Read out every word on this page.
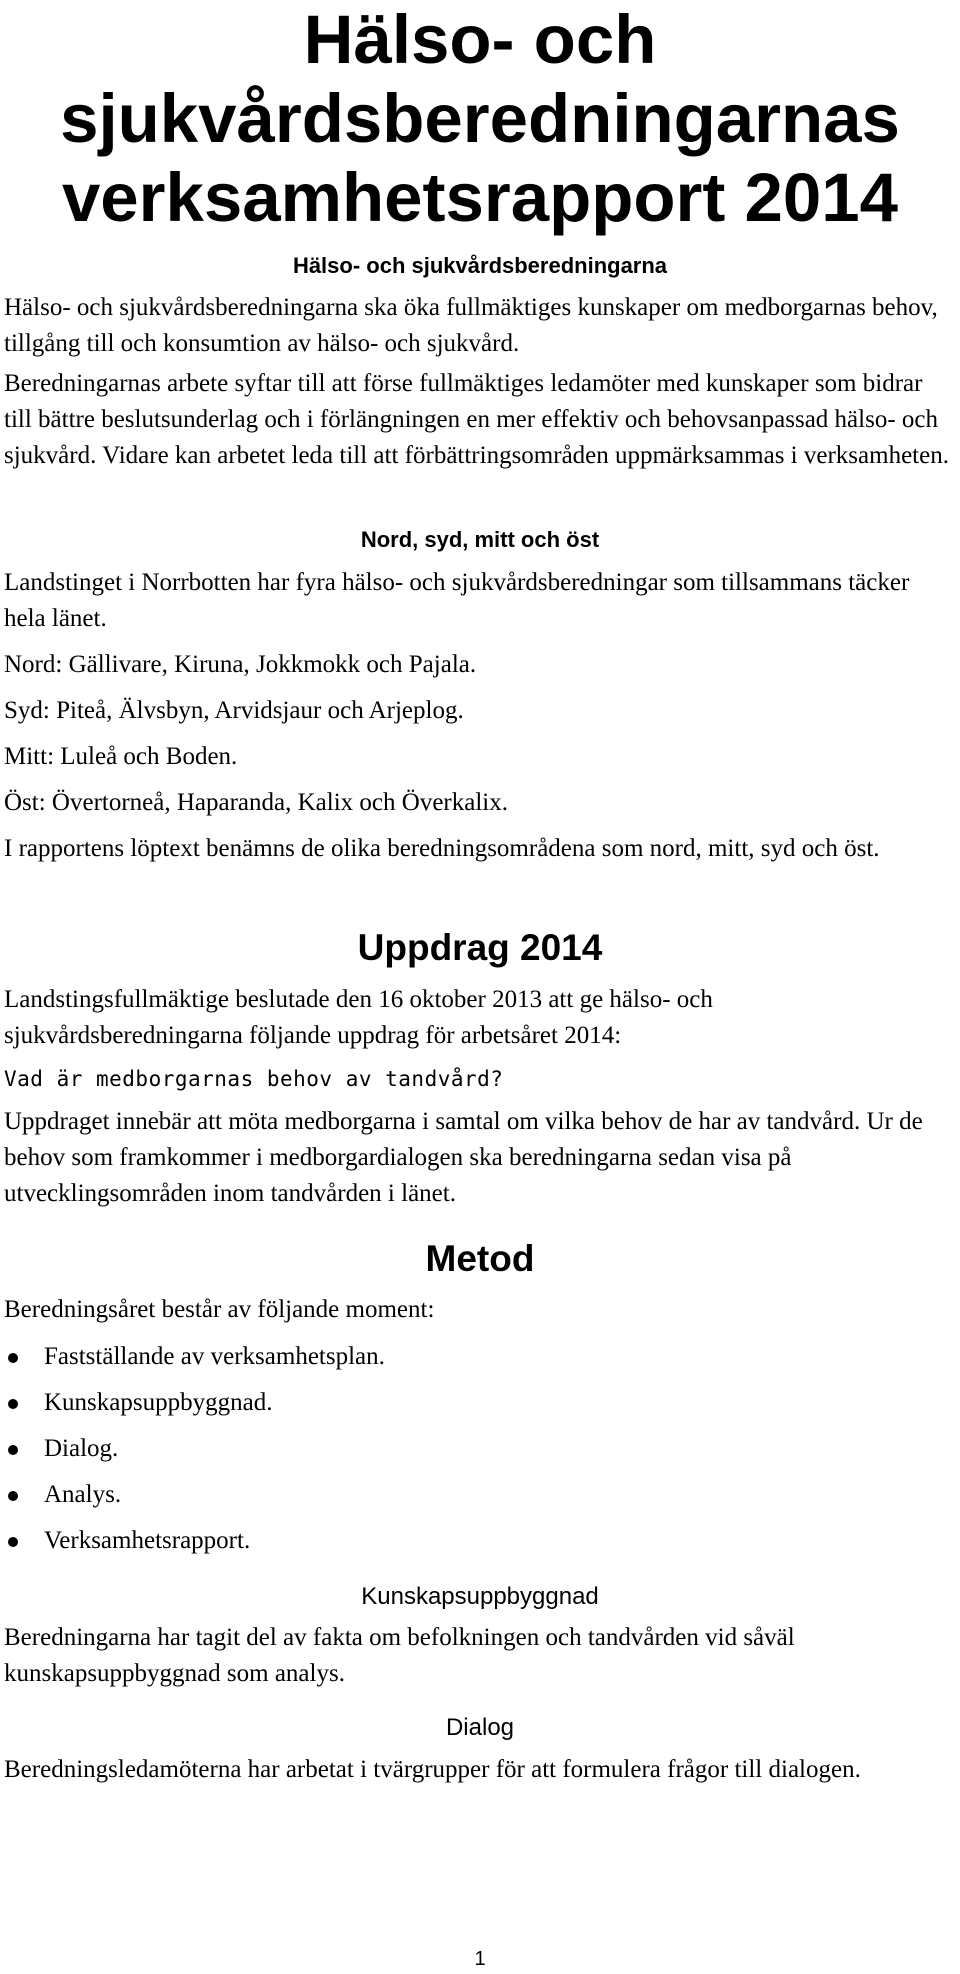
Hälso- och sjukvårdsberedningarnas verksamhetsrapport 2014
Hälso- och sjukvårdsberedningarna

Hälso- och sjukvårdsberedningarna ska öka fullmäktiges kunskaper om medborgarnas behov, tillgång till och konsumtion av hälso- och sjukvård.

Beredningarnas arbete syftar till att förse fullmäktiges ledamöter med kunskaper som bidrar till bättre beslutsunderlag och i förlängningen en mer effektiv och behovsanpassad hälso- och sjukvård. Vidare kan arbetet leda till att förbättringsområden uppmärksammas i verksamheten.

Nord, syd, mitt och öst

Landstinget i Norrbotten har fyra hälso- och sjukvårdsberedningar som tillsammans täcker hela länet.

Nord: Gällivare, Kiruna, Jokkmokk och Pajala.

Syd: Piteå, Älvsbyn, Arvidsjaur och Arjeplog.

Mitt: Luleå och Boden.

Öst: Övertorneå, Haparanda, Kalix och Överkalix.

I rapportens löptext benämns de olika beredningsområdena som nord, mitt, syd och öst.

Uppdrag 2014

Landstingsfullmäktige beslutade den 16 oktober 2013 att ge hälso- och sjukvårdsberedningarna följande uppdrag för arbetsåret 2014:

Vad är medborgarnas behov av tandvård?

Uppdraget innebär att möta medborgarna i samtal om vilka behov de har av tandvård. Ur de behov som framkommer i medborgardialogen ska beredningarna sedan visa på utvecklingsområden inom tandvården i länet.

Metod

Beredningsåret består av följande moment:

Fastställande av verksamhetsplan.
Kunskapsuppbyggnad.
Dialog.
Analys.
Verksamhetsrapport.
Kunskapsuppbyggnad

Beredningarna har tagit del av fakta om befolkningen och tandvården vid såväl kunskapsuppbyggnad som analys.

Dialog

Beredningsledamöterna har arbetat i tvärgrupper för att formulera frågor till dialogen.

1
